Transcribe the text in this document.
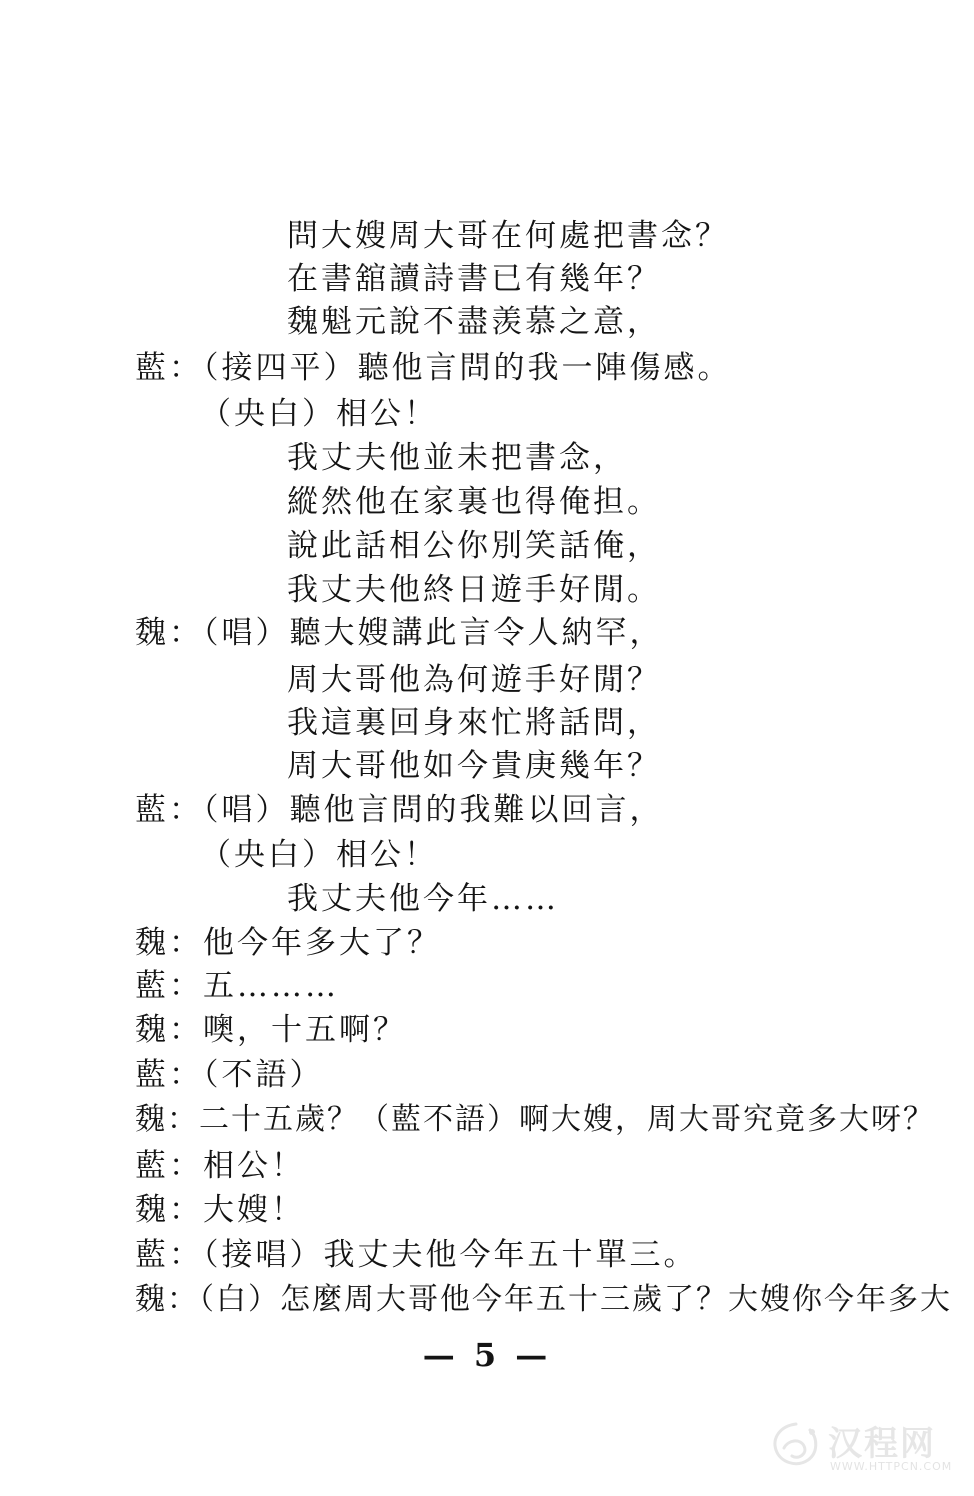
問大嫂周大哥在何處把書念？
在書舘讀詩書已有幾年？
魏魁元說不盡羡慕之意，
藍：（接四平）聽他言問的我一陣傷感。
（央白）相公！
我丈夫他並未把書念，
縱然他在家裏也得俺担。
說此話相公你別笑話俺，
我丈夫他終日遊手好閒。
魏：（唱）聽大嫂講此言令人納罕，
周大哥他為何遊手好閒？
我這裏回身來忙將話問，
周大哥他如今貴庚幾年？
藍：（唱）聽他言問的我難以回言，
（央白）相公！
我丈夫他今年……
魏：他今年多大了？
藍：五………
魏：噢，十五啊？
藍：（不語）
魏：二十五歲？（藍不語）啊大嫂，周大哥究竟多大呀？
藍：相公！
魏：大嫂！
藍：（接唱）我丈夫他今年五十單三。
魏：（白）怎麼周大哥他今年五十三歲了？大嫂你今年多大
— 5 —
汉程网
WWW.HTTPCN.COM
